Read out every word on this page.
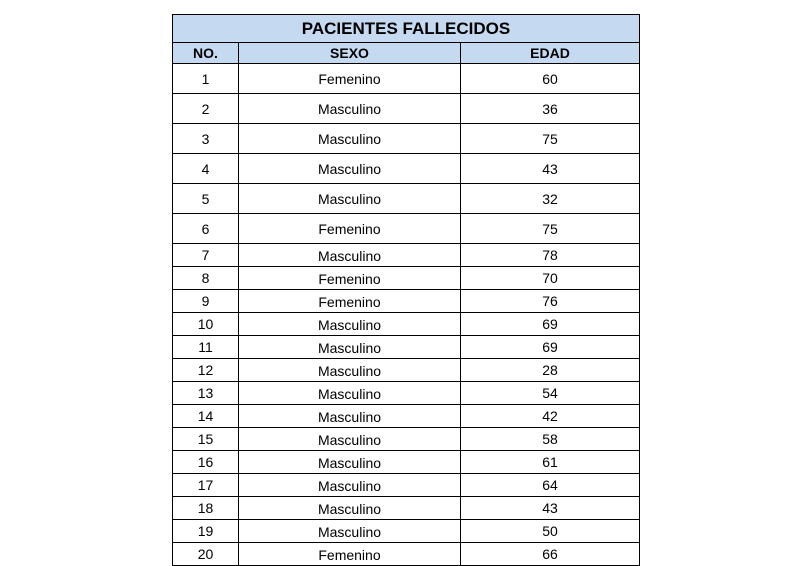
PACIENTES FALLECIDOS		
NO.	SEXO	EDAD
1	Femenino	60
2	Masculino	36
3	Masculino	75
4	Masculino	43
5	Masculino	32
6	Femenino	75
7	Masculino	78
8	Femenino	70
9	Femenino	76
10	Masculino	69
11	Masculino	69
12	Masculino	28
13	Masculino	54
14	Masculino	42
15	Masculino	58
16	Masculino	61
17	Masculino	64
18	Masculino	43
19	Masculino	50
20	Femenino	66
